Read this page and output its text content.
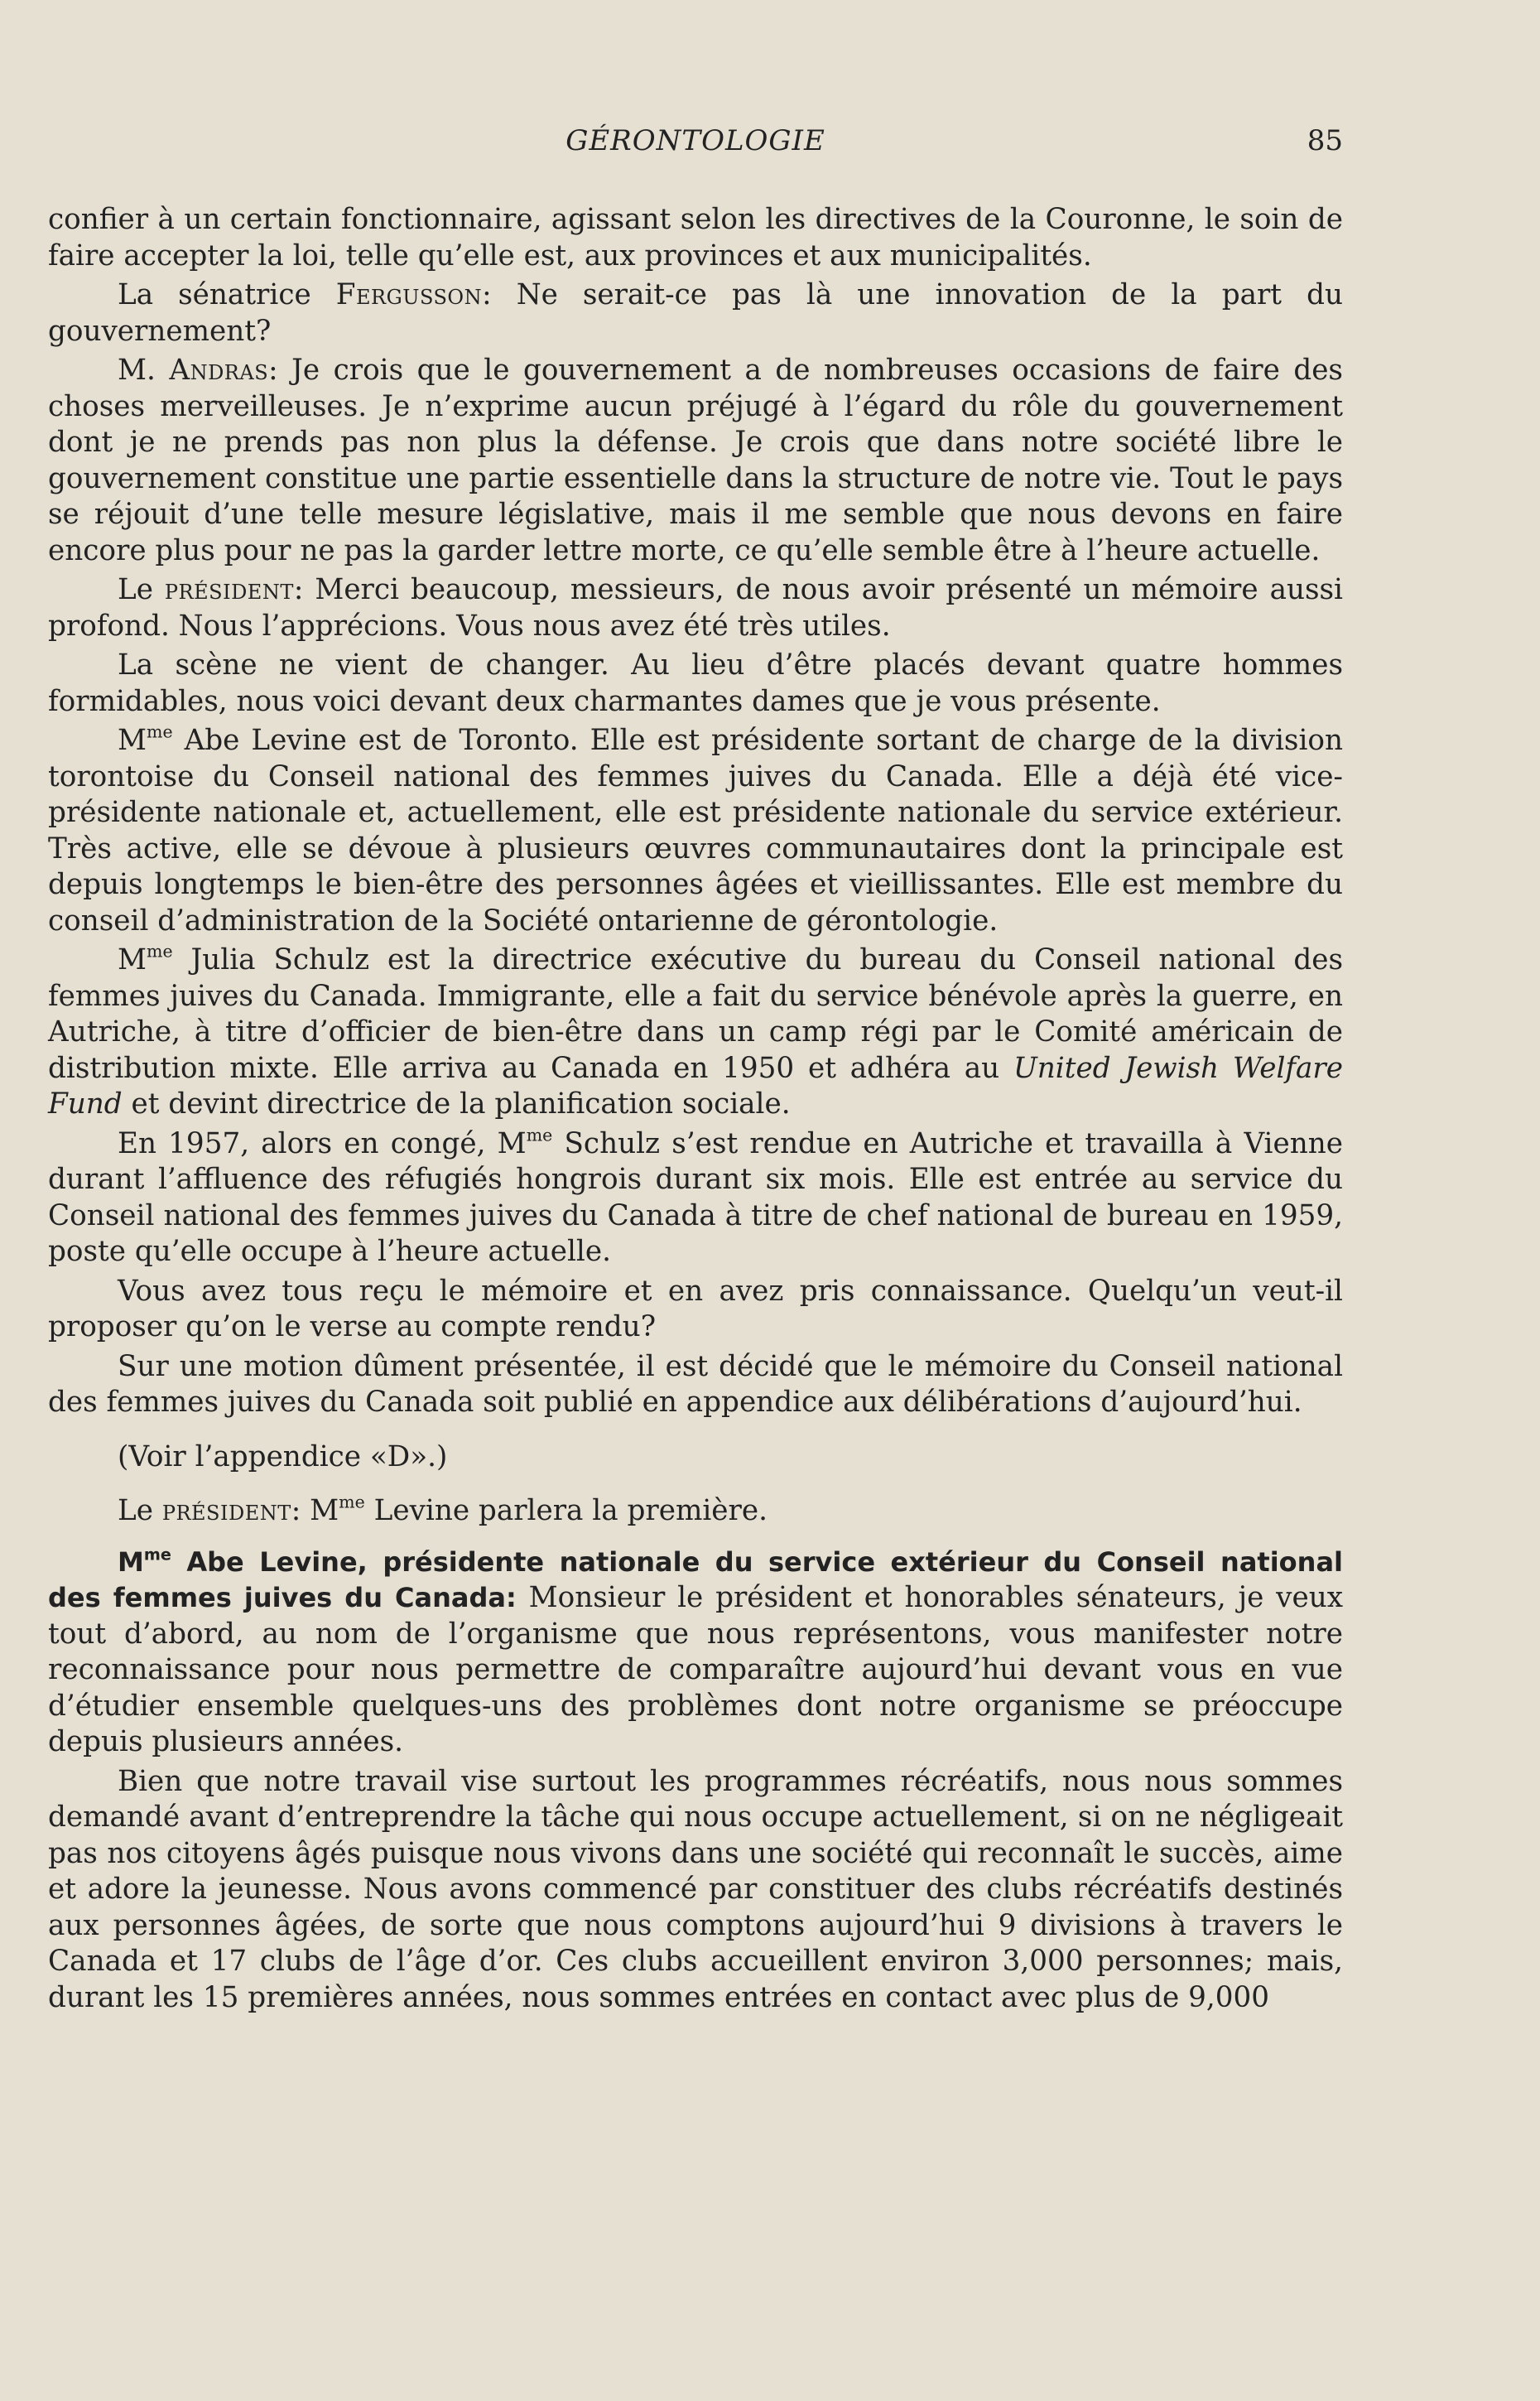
GÉRONTOLOGIE	85

confier à un certain fonctionnaire, agissant selon les directives de la Couronne, le soin de faire accepter la loi, telle qu’elle est, aux provinces et aux municipalités.

La sénatrice Fergusson: Ne serait-ce pas là une innovation de la part du gouvernement?

M. Andras: Je crois que le gouvernement a de nombreuses occasions de faire des choses merveilleuses. Je n’exprime aucun préjugé à l’égard du rôle du gouvernement dont je ne prends pas non plus la défense. Je crois que dans notre société libre le gouvernement constitue une partie essentielle dans la structure de notre vie. Tout le pays se réjouit d’une telle mesure législative, mais il me semble que nous devons en faire encore plus pour ne pas la garder lettre morte, ce qu’elle semble être à l’heure actuelle.

Le président: Merci beaucoup, messieurs, de nous avoir présenté un mémoire aussi profond. Nous l’apprécions. Vous nous avez été très utiles.

La scène ne vient de changer. Au lieu d’être placés devant quatre hommes formidables, nous voici devant deux charmantes dames que je vous présente.

$M^{me}$ Abe Levine est de Toronto. Elle est présidente sortant de charge de la division torontoise du Conseil national des femmes juives du Canada. Elle a déjà été vice-présidente nationale et, actuellement, elle est présidente nationale du service extérieur. Très active, elle se dévoue à plusieurs œuvres communautaires dont la principale est depuis longtemps le bien-être des personnes âgées et vieillissantes. Elle est membre du conseil d’administration de la Société ontarienne de gérontologie.

$M^{me}$ Julia Schulz est la directrice exécutive du bureau du Conseil national des femmes juives du Canada. Immigrante, elle a fait du service bénévole après la guerre, en Autriche, à titre d’officier de bien-être dans un camp régi par le Comité américain de distribution mixte. Elle arriva au Canada en 1950 et adhéra au United Jewish Welfare Fund et devint directrice de la planification sociale.

En 1957, alors en congé, $M^{me}$ Schulz s’est rendue en Autriche et travailla à Vienne durant l’affluence des réfugiés hongrois durant six mois. Elle est entrée au service du Conseil national des femmes juives du Canada à titre de chef national de bureau en 1959, poste qu’elle occupe à l’heure actuelle.

Vous avez tous reçu le mémoire et en avez pris connaissance. Quelqu’un veut-il proposer qu’on le verse au compte rendu?

Sur une motion dûment présentée, il est décidé que le mémoire du Conseil national des femmes juives du Canada soit publié en appendice aux délibérations d’aujourd’hui.

(Voir l’appendice «D».)

Le président: $M^{me}$ Levine parlera la première.

$M^{me}$ Abe Levine, présidente nationale du service extérieur du Conseil national des femmes juives du Canada: Monsieur le président et honorables sénateurs, je veux tout d’abord, au nom de l’organisme que nous représentons, vous manifester notre reconnaissance pour nous permettre de comparaître aujourd’hui devant vous en vue d’étudier ensemble quelques-uns des problèmes dont notre organisme se préoccupe depuis plusieurs années.

Bien que notre travail vise surtout les programmes récréatifs, nous nous sommes demandé avant d’entreprendre la tâche qui nous occupe actuellement, si on ne négligeait pas nos citoyens âgés puisque nous vivons dans une société qui reconnaît le succès, aime et adore la jeunesse. Nous avons commencé par constituer des clubs récréatifs destinés aux personnes âgées, de sorte que nous comptons aujourd’hui 9 divisions à travers le Canada et 17 clubs de l’âge d’or. Ces clubs accueillent environ 3,000 personnes; mais, durant les 15 premières années, nous sommes entrées en contact avec plus de 9,000
